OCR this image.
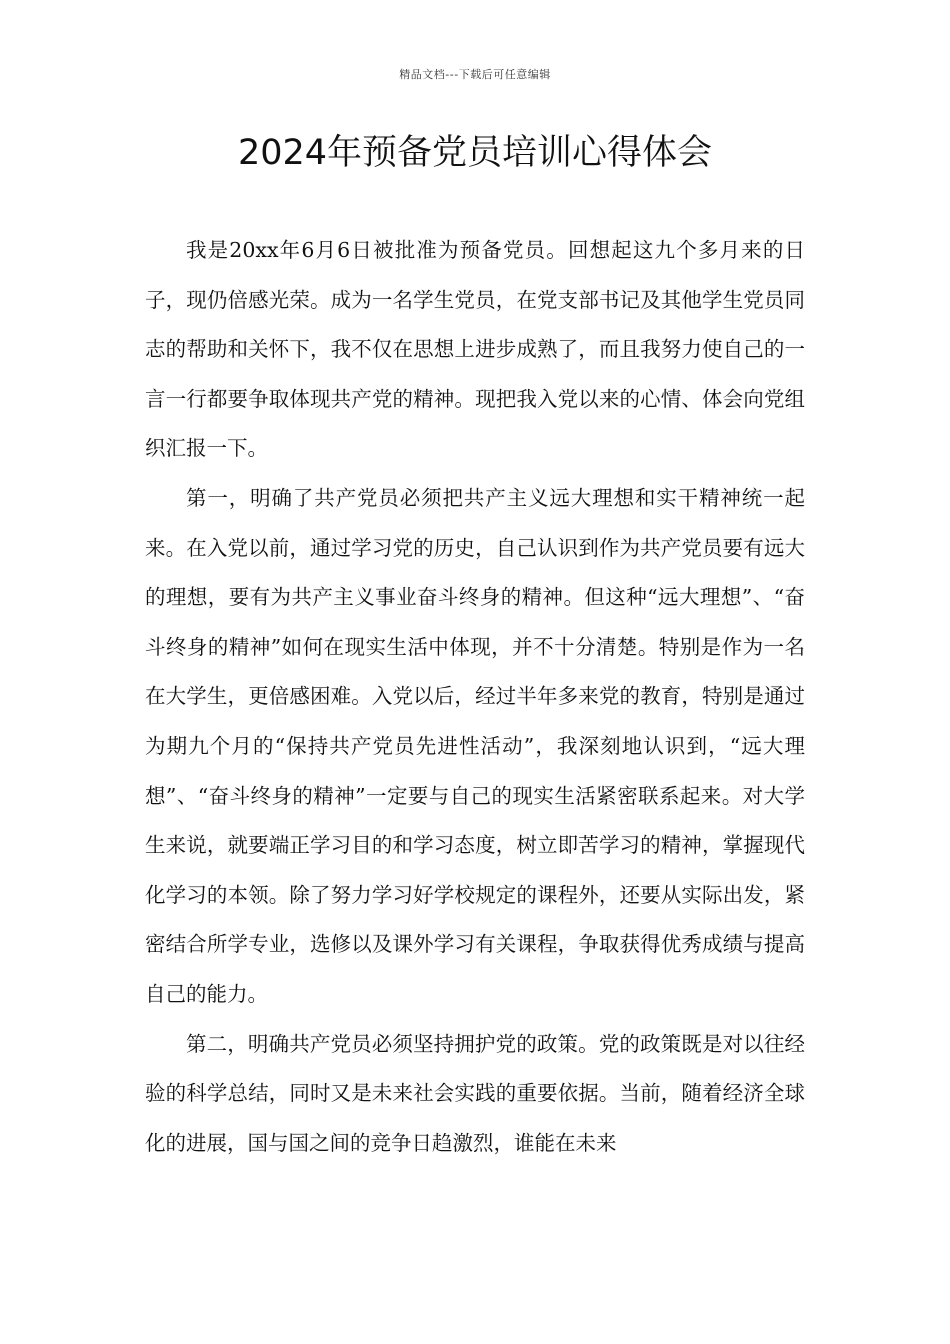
精品文档---下载后可任意编辑
2024年预备党员培训心得体会

我是20xx年6月6日被批准为预备党员。回想起这九个多月来的日子，现仍倍感光荣。成为一名学生党员，在党支部书记及其他学生党员同志的帮助和关怀下，我不仅在思想上进步成熟了，而且我努力使自己的一言一行都要争取体现共产党的精神。现把我入党以来的心情、体会向党组织汇报一下。

第一，明确了共产党员必须把共产主义远大理想和实干精神统一起来。在入党以前，通过学习党的历史，自己认识到作为共产党员要有远大的理想，要有为共产主义事业奋斗终身的精神。但这种“远大理想”、“奋斗终身的精神”如何在现实生活中体现，并不十分清楚。特别是作为一名在大学生，更倍感困难。入党以后，经过半年多来党的教育，特别是通过为期九个月的“保持共产党员先进性活动”，我深刻地认识到，“远大理想”、“奋斗终身的精神”一定要与自己的现实生活紧密联系起来。对大学生来说，就要端正学习目的和学习态度，树立即苦学习的精神，掌握现代化学习的本领。除了努力学习好学校规定的课程外，还要从实际出发，紧密结合所学专业，选修以及课外学习有关课程，争取获得优秀成绩与提高自己的能力。

第二，明确共产党员必须坚持拥护党的政策。党的政策既是对以往经验的科学总结，同时又是未来社会实践的重要依据。当前，随着经济全球化的进展，国与国之间的竞争日趋激烈，谁能在未来
